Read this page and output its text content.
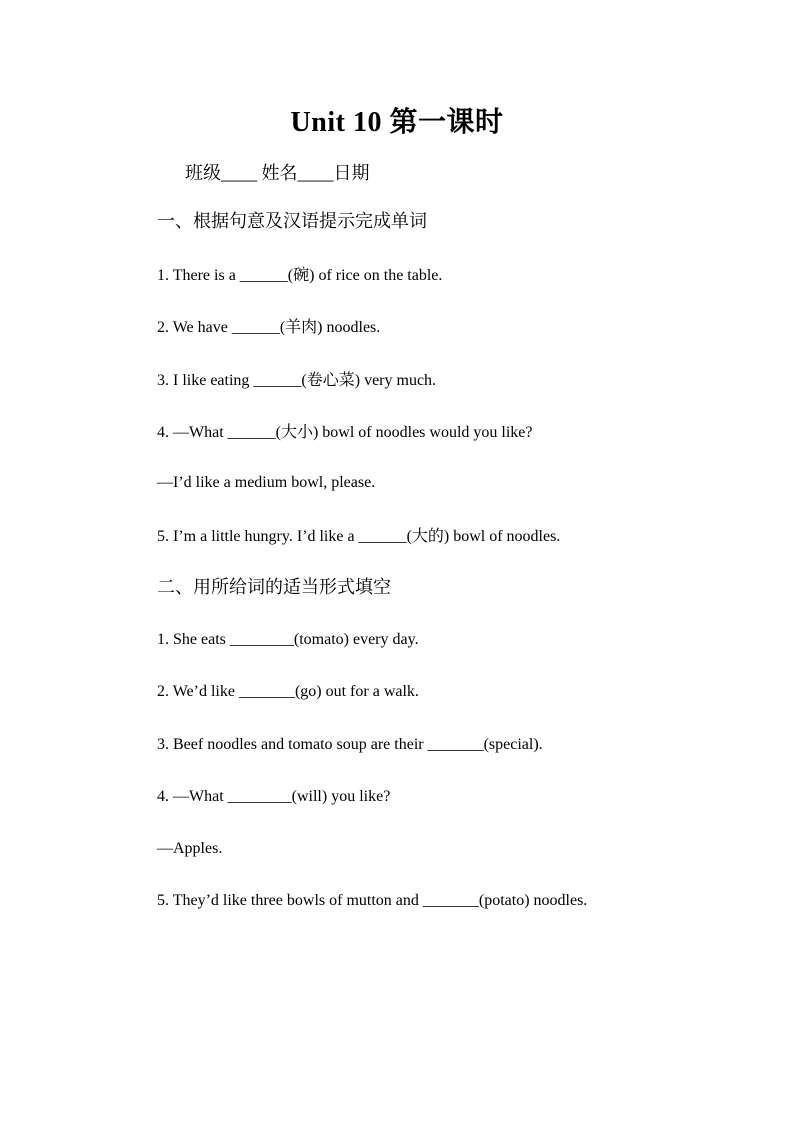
Unit 10 第一课时
班级____ 姓名____日期
一、根据句意及汉语提示完成单词
1. There is a ______(碗) of rice on the table.
2. We have ______(羊肉) noodles.
3. I like eating ______(卷心菜) very much.
4. —What ______(大小) bowl of noodles would you like?
—I’d like a medium bowl, please.
5. I’m a little hungry. I’d like a ______(大的) bowl of noodles.
二、用所给词的适当形式填空
1. She eats ________(tomato) every day.
2. We’d like _______(go) out for a walk.
3. Beef noodles and tomato soup are their _______(special).
4. —What ________(will) you like?
—Apples.
5. They’d like three bowls of mutton and _______(potato) noodles.
